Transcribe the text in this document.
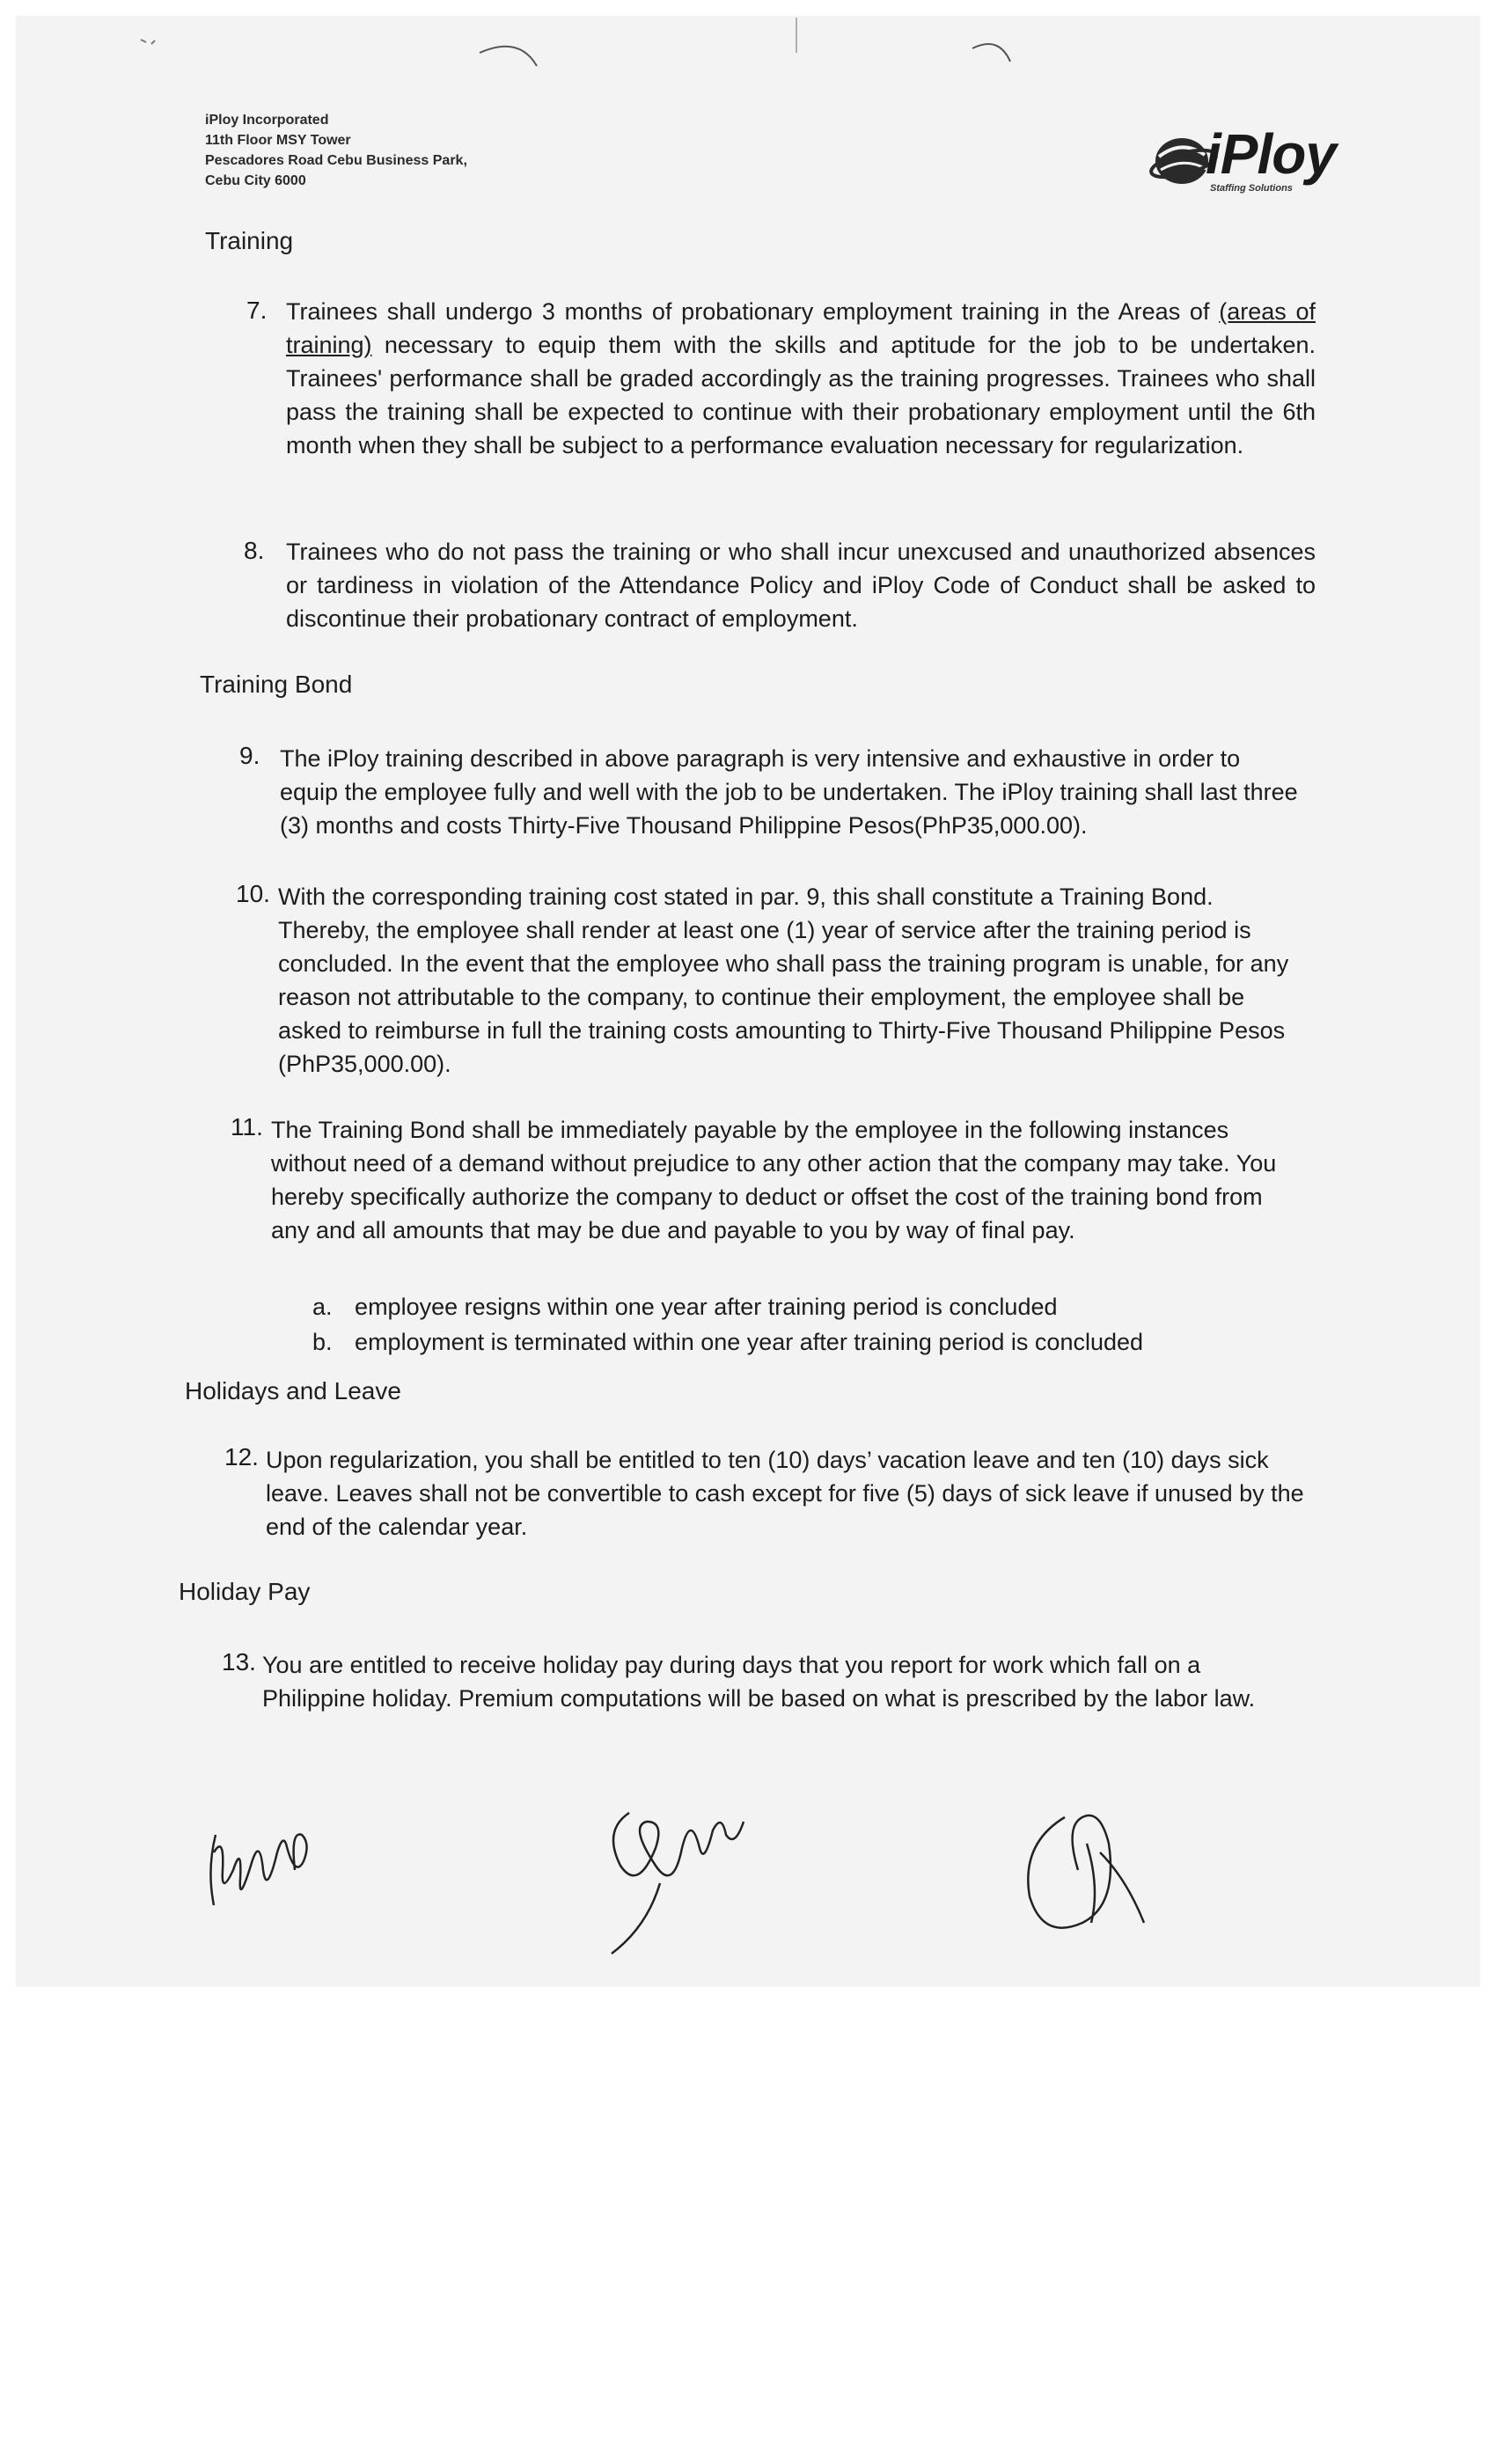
iPloy Incorporated
11th Floor MSY Tower
Pescadores Road Cebu Business Park,
Cebu City 6000	iPloy
Staffing Solutions
Training
7. Trainees shall undergo 3 months of probationary employment training in the Areas of (areas of training) necessary to equip them with the skills and aptitude for the job to be undertaken. Trainees' performance shall be graded accordingly as the training progresses. Trainees who shall pass the training shall be expected to continue with their probationary employment until the 6th month when they shall be subject to a performance evaluation necessary for regularization.
8. Trainees who do not pass the training or who shall incur unexcused and unauthorized absences or tardiness in violation of the Attendance Policy and iPloy Code of Conduct shall be asked to discontinue their probationary contract of employment.
Training Bond
9. The iPloy training described in above paragraph is very intensive and exhaustive in order to equip the employee fully and well with the job to be undertaken. The iPloy training shall last three (3) months and costs Thirty-Five Thousand Philippine Pesos(PhP35,000.00).
10. With the corresponding training cost stated in par. 9, this shall constitute a Training Bond. Thereby, the employee shall render at least one (1) year of service after the training period is concluded. In the event that the employee who shall pass the training program is unable, for any reason not attributable to the company, to continue their employment, the employee shall be asked to reimburse in full the training costs amounting to Thirty-Five Thousand Philippine Pesos (PhP35,000.00).
11. The Training Bond shall be immediately payable by the employee in the following instances without need of a demand without prejudice to any other action that the company may take. You hereby specifically authorize the company to deduct or offset the cost of the training bond from any and all amounts that may be due and payable to you by way of final pay.
a. employee resigns within one year after training period is concluded
b. employment is terminated within one year after training period is concluded
Holidays and Leave
12. Upon regularization, you shall be entitled to ten (10) days’ vacation leave and ten (10) days sick leave. Leaves shall not be convertible to cash except for five (5) days of sick leave if unused by the end of the calendar year.
Holiday Pay
13. You are entitled to receive holiday pay during days that you report for work which fall on a Philippine holiday. Premium computations will be based on what is prescribed by the labor law.
